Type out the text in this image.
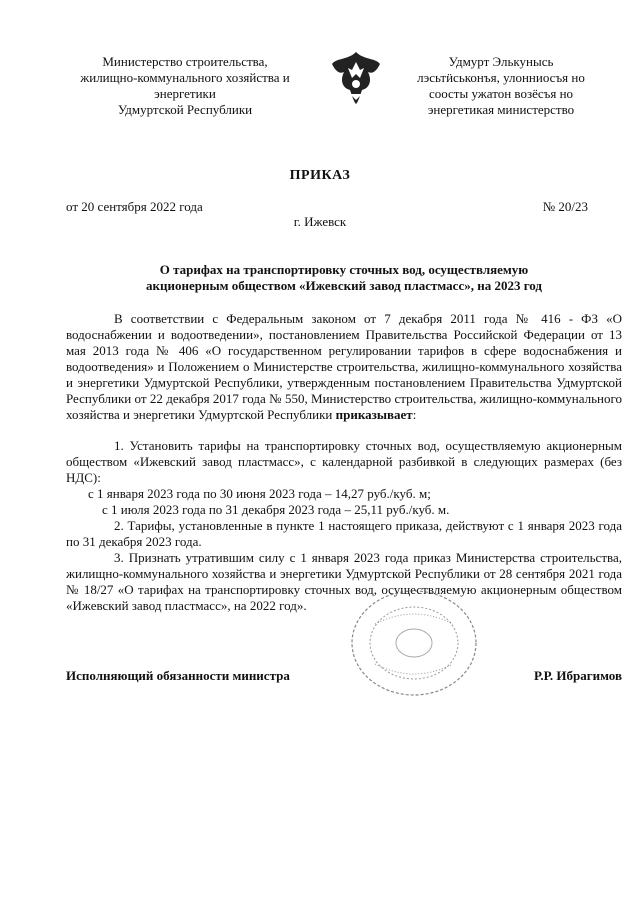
Министерство строительства,
жилищно-коммунального хозяйства и
энергетики
Удмуртской Республики
Удмурт Элькунысь
лэсьтӥськонъя, улонниосъя но
соосты ужатон возёсъя но
энергетикая министерство
ПРИКАЗ
от 20 сентября 2022 года	№ 20/23
г. Ижевск
О тарифах на транспортировку сточных вод, осуществляемую
акционерным обществом «Ижевский завод пластмасс», на 2023 год

В соответствии с Федеральным законом от 7 декабря 2011 года № 416 - ФЗ «О водоснабжении и водоотведении», постановлением Правительства Российской Федерации от 13 мая 2013 года № 406 «О государственном регулировании тарифов в сфере водоснабжения и водоотведения» и Положением о Министерстве строительства, жилищно-коммунального хозяйства и энергетики Удмуртской Республики, утвержденным постановлением Правительства Удмуртской Республики от 22 декабря 2017 года № 550, Министерство строительства, жилищно-коммунального хозяйства и энергетики Удмуртской Республики приказывает:

1. Установить тарифы на транспортировку сточных вод, осуществляемую акционерным обществом «Ижевский завод пластмасс», с календарной разбивкой в следующих размерах (без НДС):

с 1 января 2023 года по 30 июня 2023 года – 14,27 руб./куб. м;

с 1 июля 2023 года по 31 декабря 2023 года – 25,11 руб./куб. м.

2. Тарифы, установленные в пункте 1 настоящего приказа, действуют с 1 января 2023 года по 31 декабря 2023 года.

3. Признать утратившим силу с 1 января 2023 года приказ Министерства строительства, жилищно-коммунального хозяйства и энергетики Удмуртской Республики от 28 сентября 2021 года № 18/27 «О тарифах на транспортировку сточных вод, осуществляемую акционерным обществом «Ижевский завод пластмасс», на 2022 год».

Исполняющий обязанности министра	Р.Р. Ибрагимов
